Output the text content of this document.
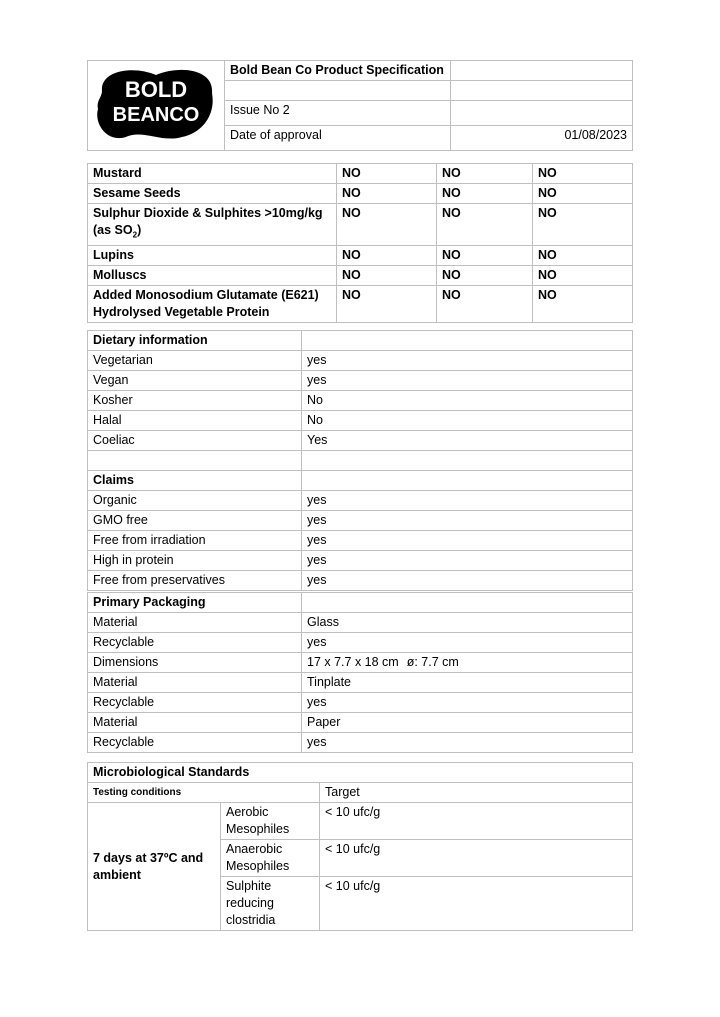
BOLD
BEANCO	Bold Bean Co Product Specification	

	Issue No 2	
	Date of approval	01/08/2023
Mustard	NO	NO	NO
Sesame Seeds	NO	NO	NO
Sulphur Dioxide & Sulphites >10mg/kg
(as $SO_2$)	NO	NO	NO
Lupins	NO	NO	NO
Molluscs	NO	NO	NO
Added Monosodium Glutamate (E621)
Hydrolysed Vegetable Protein	NO	NO	NO
Dietary information	
Vegetarian	yes
Vegan	yes
Kosher	No
Halal	No
Coeliac	Yes

Claims	
Organic	yes
GMO free	yes
Free from irradiation	yes
High in protein	yes
Free from preservatives	yes
Primary Packaging	
Material	Glass
Recyclable	yes
Dimensions	17 x 7.7 x 18 cm ø: 7.7 cm
Material	Tinplate
Recyclable	yes
Material	Paper
Recyclable	yes
Microbiological Standards		
Testing conditions		Target
7 days at 37ºC and ambient	Aerobic Mesophiles	< 10 ufc/g
	Anaerobic Mesophiles	< 10 ufc/g
	Sulphite reducing clostridia	< 10 ufc/g
